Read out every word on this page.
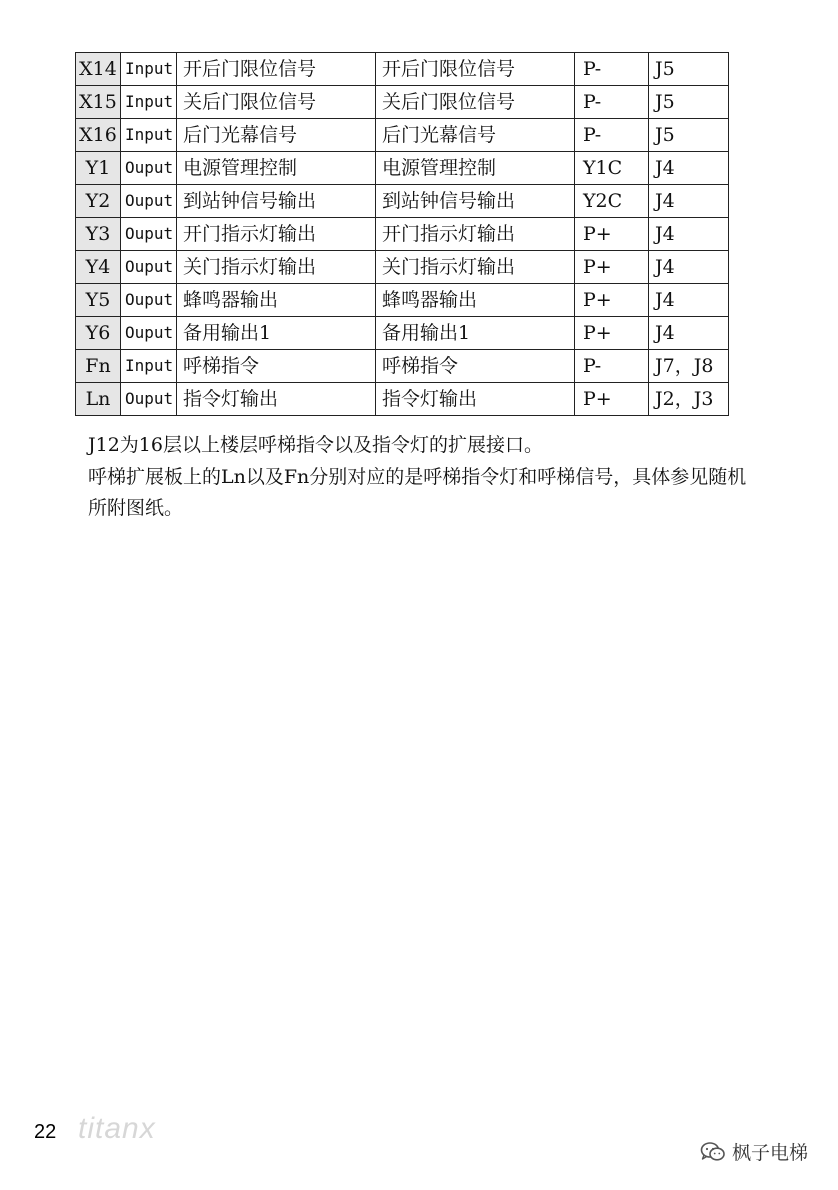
X14	Input	开后门限位信号	开后门限位信号	P-	J5
X15	Input	关后门限位信号	关后门限位信号	P-	J5
X16	Input	后门光幕信号	后门光幕信号	P-	J5
Y1	Ouput	电源管理控制	电源管理控制	Y1C	J4
Y2	Ouput	到站钟信号输出	到站钟信号输出	Y2C	J4
Y3	Ouput	开门指示灯输出	开门指示灯输出	P+	J4
Y4	Ouput	关门指示灯输出	关门指示灯输出	P+	J4
Y5	Ouput	蜂鸣器输出	蜂鸣器输出	P+	J4
Y6	Ouput	备用输出1	备用输出1	P+	J4
Fn	Input	呼梯指令	呼梯指令	P-	J7，J8
Ln	Ouput	指令灯输出	指令灯输出	P+	J2，J3

J12为16层以上楼层呼梯指令以及指令灯的扩展接口。

呼梯扩展板上的Ln以及Fn分别对应的是呼梯指令灯和呼梯信号，具体参见随机所附图纸。

22 titanx
枫子电梯
